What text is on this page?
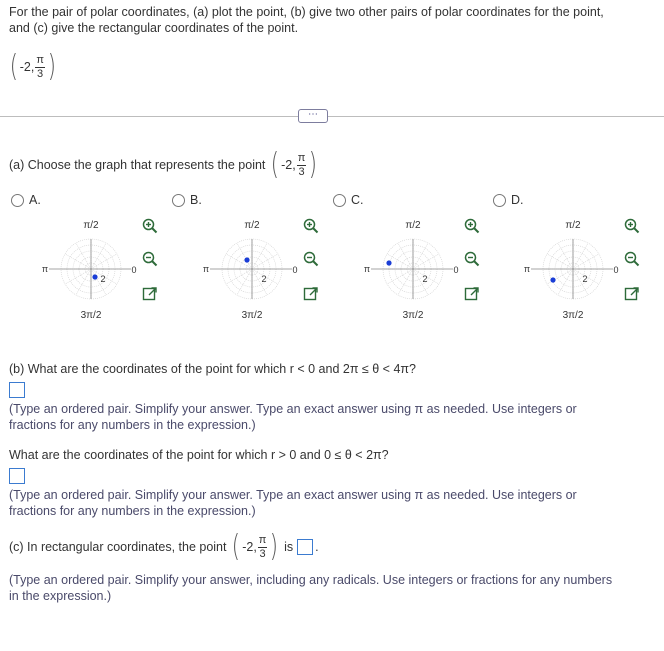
For the pair of polar coordinates, (a) plot the point, (b) give two other pairs of polar coordinates for the point,
and (c) give the rectangular coordinates of the point.
( -2, $\frac{\pi}{3}$ )
⋯
(a) Choose the graph that represents the point ( -2, $\frac{\pi}{3}$ )
A.
π/2
3π/2
π	0
2
B.
π/2
3π/2
π	0
2
C.
π/2
3π/2
π	0
2
D.
π/2
3π/2
π	0
2
(b) What are the coordinates of the point for which r < 0 and 2π ≤ θ < 4π?
(Type an ordered pair. Simplify your answer. Type an exact answer using π as needed. Use integers or
fractions for any numbers in the expression.)
What are the coordinates of the point for which r > 0 and 0 ≤ θ < 2π?
(Type an ordered pair. Simplify your answer. Type an exact answer using π as needed. Use integers or
fractions for any numbers in the expression.)
(c) In rectangular coordinates, the point ( -2, $\frac{\pi}{3}$ ) is .
(Type an ordered pair. Simplify your answer, including any radicals. Use integers or fractions for any numbers
in the expression.)
